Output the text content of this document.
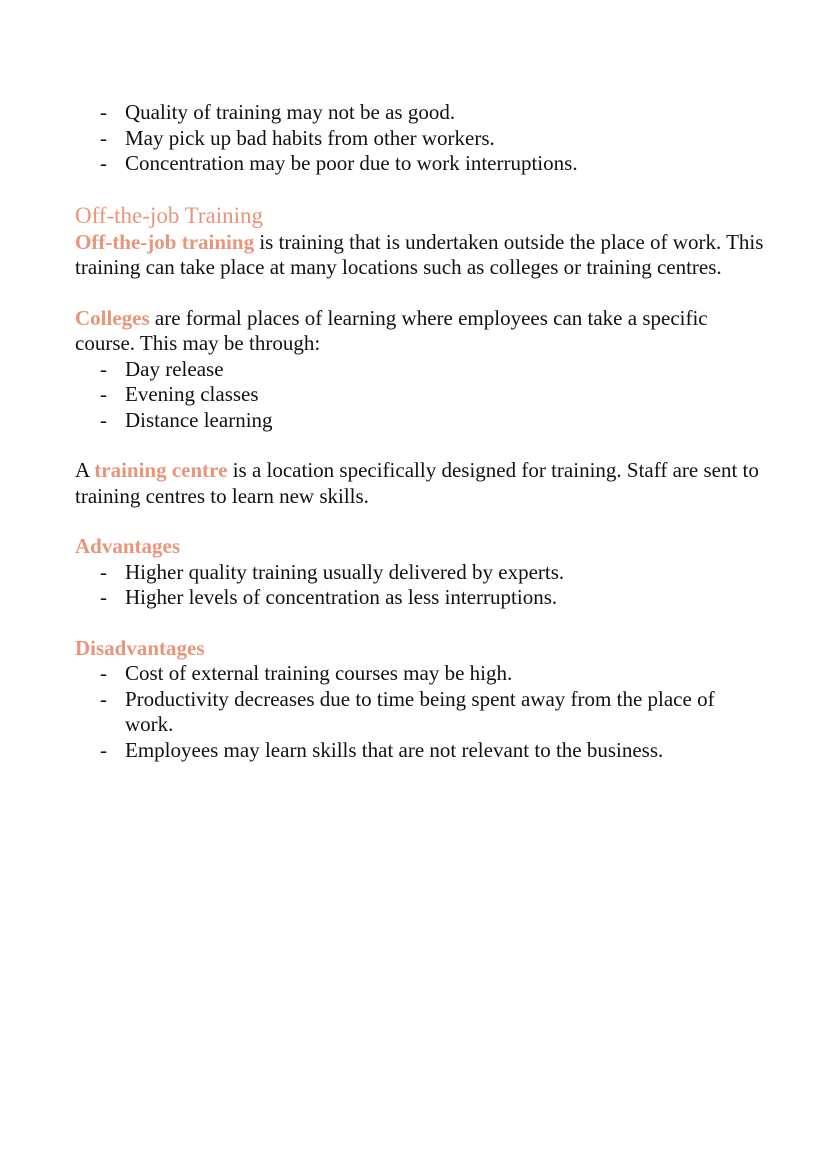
- Quality of training may not be as good.
- May pick up bad habits from other workers.
- Concentration may be poor due to work interruptions.
Off-the-job Training

Off-the-job training is training that is undertaken outside the place of work. This training can take place at many locations such as colleges or training centres.

Colleges are formal places of learning where employees can take a specific course. This may be through:

- Day release
- Evening classes
- Distance learning

A training centre is a location specifically designed for training. Staff are sent to training centres to learn new skills.

Advantages

- Higher quality training usually delivered by experts.
- Higher levels of concentration as less interruptions.

Disadvantages

- Cost of external training courses may be high.
- Productivity decreases due to time being spent away from the place of work.
- Employees may learn skills that are not relevant to the business.
